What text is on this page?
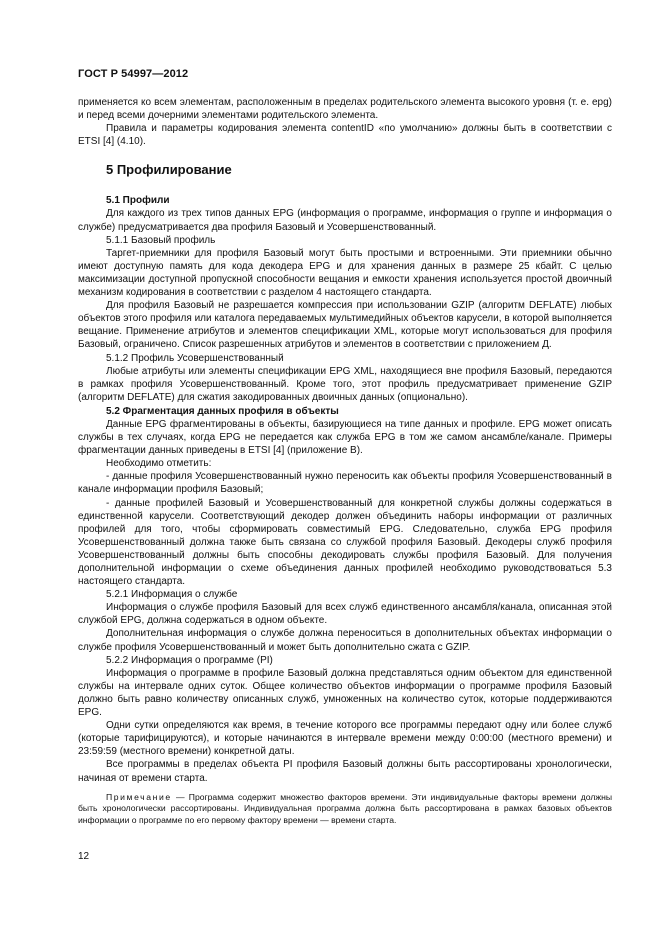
ГОСТ Р 54997—2012

применяется ко всем элементам, расположенным в пределах родительского элемента высокого уровня (т. е. epg) и перед всеми дочерними элементами родительского элемента.

Правила и параметры кодирования элемента contentID «по умолчанию» должны быть в соответствии с ETSI [4] (4.10).

5 Профилирование

5.1 Профили

Для каждого из трех типов данных EPG (информация о программе, информация о группе и информация о службе) предусматривается два профиля Базовый и Усовершенствованный.

5.1.1 Базовый профиль

Таргет-приемники для профиля Базовый могут быть простыми и встроенными. Эти приемники обычно имеют доступную память для кода декодера EPG и для хранения данных в размере 25 кбайт. С целью максимизации доступной пропускной способности вещания и емкости хранения используется простой двоичный механизм кодирования в соответствии с разделом 4 настоящего стандарта.

Для профиля Базовый не разрешается компрессия при использовании GZIP (алгоритм DEFLATE) любых объектов этого профиля или каталога передаваемых мультимедийных объектов карусели, в которой выполняется вещание. Применение атрибутов и элементов спецификации XML, которые могут использоваться для профиля Базовый, ограничено. Список разрешенных атрибутов и элементов в соответствии с приложением Д.

5.1.2 Профиль Усовершенствованный

Любые атрибуты или элементы спецификации EPG XML, находящиеся вне профиля Базовый, передаются в рамках профиля Усовершенствованный. Кроме того, этот профиль предусматривает применение GZIP (алгоритм DEFLATE) для сжатия закодированных двоичных данных (опционально).

5.2 Фрагментация данных профиля в объекты

Данные EPG фрагментированы в объекты, базирующиеся на типе данных и профиле. EPG может описать службы в тех случаях, когда EPG не передается как служба EPG в том же самом ансамбле/канале. Примеры фрагментации данных приведены в ETSI [4] (приложение В).

Необходимо отметить:

- данные профиля Усовершенствованный нужно переносить как объекты профиля Усовершенствованный в канале информации профиля Базовый;

- данные профилей Базовый и Усовершенствованный для конкретной службы должны содержаться в единственной карусели. Соответствующий декодер должен объединить наборы информации от различных профилей для того, чтобы сформировать совместимый EPG. Следовательно, служба EPG профиля Усовершенствованный должна также быть связана со службой профиля Базовый. Декодеры служб профиля Усовершенствованный должны быть способны декодировать службы профиля Базовый. Для получения дополнительной информации о схеме объединения данных профилей необходимо руководствоваться 5.3 настоящего стандарта.

5.2.1 Информация о службе

Информация о службе профиля Базовый для всех служб единственного ансамбля/канала, описанная этой службой EPG, должна содержаться в одном объекте.

Дополнительная информация о службе должна переноситься в дополнительных объектах информации о службе профиля Усовершенствованный и может быть дополнительно сжата с GZIP.

5.2.2 Информация о программе (PI)

Информация о программе в профиле Базовый должна представляться одним объектом для единственной службы на интервале одних суток. Общее количество объектов информации о программе профиля Базовый должно быть равно количеству описанных служб, умноженных на количество суток, которые поддерживаются EPG.

Одни сутки определяются как время, в течение которого все программы передают одну или более служб (которые тарифицируются), и которые начинаются в интервале времени между 0:00:00 (местного времени) и 23:59:59 (местного времени) конкретной даты.

Все программы в пределах объекта PI профиля Базовый должны быть рассортированы хронологически, начиная от времени старта.

Примечание — Программа содержит множество факторов времени. Эти индивидуальные факторы времени должны быть хронологически рассортированы. Индивидуальная программа должна быть рассортирована в рамках базовых объектов информации о программе по его первому фактору времени — времени старта.

12
